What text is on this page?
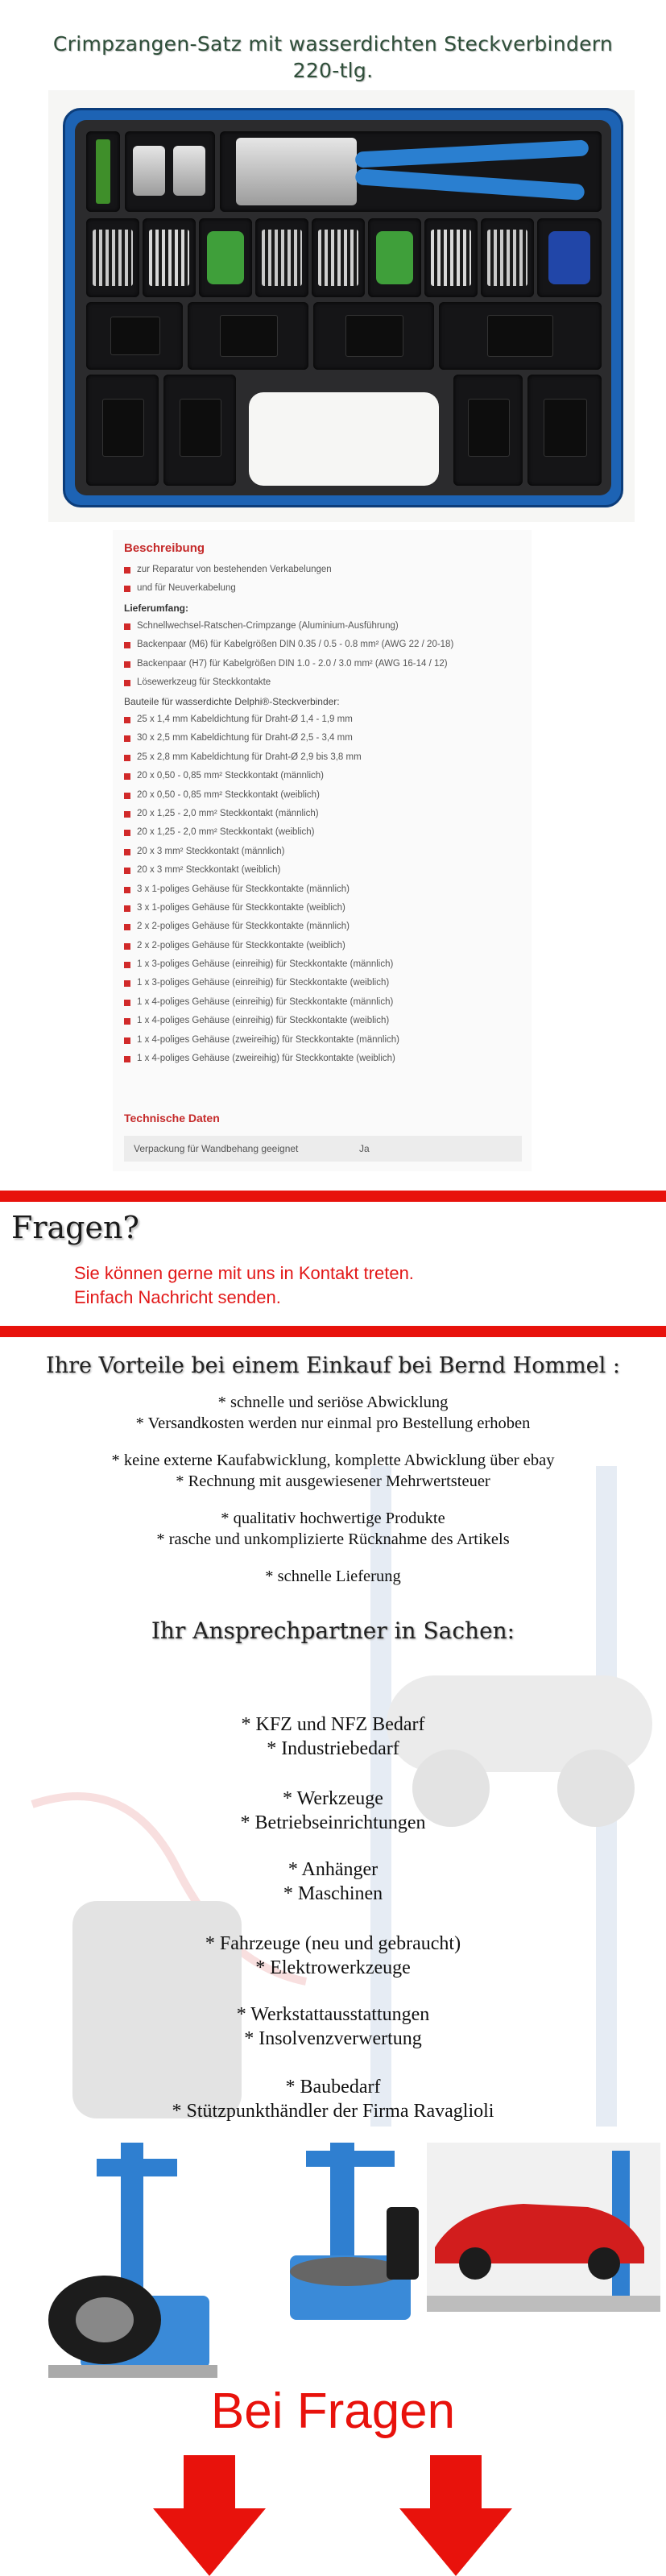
Crimpzangen-Satz mit wasserdichten Steckverbindern
220-tlg.
Beschreibung
zur Reparatur von bestehenden Verkabelungen
und für Neuverkabelung
Lieferumfang:
Schnellwechsel-Ratschen-Crimpzange (Aluminium-Ausführung)
Backenpaar (M6) für Kabelgrößen DIN 0.35 / 0.5 - 0.8 mm² (AWG 22 / 20-18)
Backenpaar (H7) für Kabelgrößen DIN 1.0 - 2.0 / 3.0 mm² (AWG 16-14 / 12)
Lösewerkzeug für Steckkontakte
Bauteile für wasserdichte Delphi®-Steckverbinder:
25 x 1,4 mm Kabeldichtung für Draht-Ø 1,4 - 1,9 mm
30 x 2,5 mm Kabeldichtung für Draht-Ø 2,5 - 3,4 mm
25 x 2,8 mm Kabeldichtung für Draht-Ø 2,9 bis 3,8 mm
20 x 0,50 - 0,85 mm² Steckkontakt (männlich)
20 x 0,50 - 0,85 mm² Steckkontakt (weiblich)
20 x 1,25 - 2,0 mm² Steckkontakt (männlich)
20 x 1,25 - 2,0 mm² Steckkontakt (weiblich)
20 x 3 mm² Steckkontakt (männlich)
20 x 3 mm² Steckkontakt (weiblich)
3 x 1-poliges Gehäuse für Steckkontakte (männlich)
3 x 1-poliges Gehäuse für Steckkontakte (weiblich)
2 x 2-poliges Gehäuse für Steckkontakte (männlich)
2 x 2-poliges Gehäuse für Steckkontakte (weiblich)
1 x 3-poliges Gehäuse (einreihig) für Steckkontakte (männlich)
1 x 3-poliges Gehäuse (einreihig) für Steckkontakte (weiblich)
1 x 4-poliges Gehäuse (einreihig) für Steckkontakte (männlich)
1 x 4-poliges Gehäuse (einreihig) für Steckkontakte (weiblich)
1 x 4-poliges Gehäuse (zweireihig) für Steckkontakte (männlich)
1 x 4-poliges Gehäuse (zweireihig) für Steckkontakte (weiblich)
Technische Daten
Verpackung für Wandbehang geeignet	Ja
Fragen?
Sie können gerne mit uns in Kontakt treten.
Einfach Nachricht senden.
Ihre Vorteile bei einem Einkauf bei Bernd Hommel :
* schnelle und seriöse Abwicklung
* Versandkosten werden nur einmal pro Bestellung erhoben
* keine externe Kaufabwicklung, komplette Abwicklung über ebay
* Rechnung mit ausgewiesener Mehrwertsteuer
* qualitativ hochwertige Produkte
* rasche und unkomplizierte Rücknahme des Artikels
* schnelle Lieferung
Ihr Ansprechpartner in Sachen:
* KFZ und NFZ Bedarf
* Industriebedarf
* Werkzeuge
* Betriebseinrichtungen
* Anhänger
* Maschinen
* Fahrzeuge (neu und gebraucht)
* Elektrowerkzeuge
* Werkstattausstattungen
* Insolvenzverwertung
* Baubedarf
* Stützpunkthändler der Firma Ravaglioli
Bei Fragen
